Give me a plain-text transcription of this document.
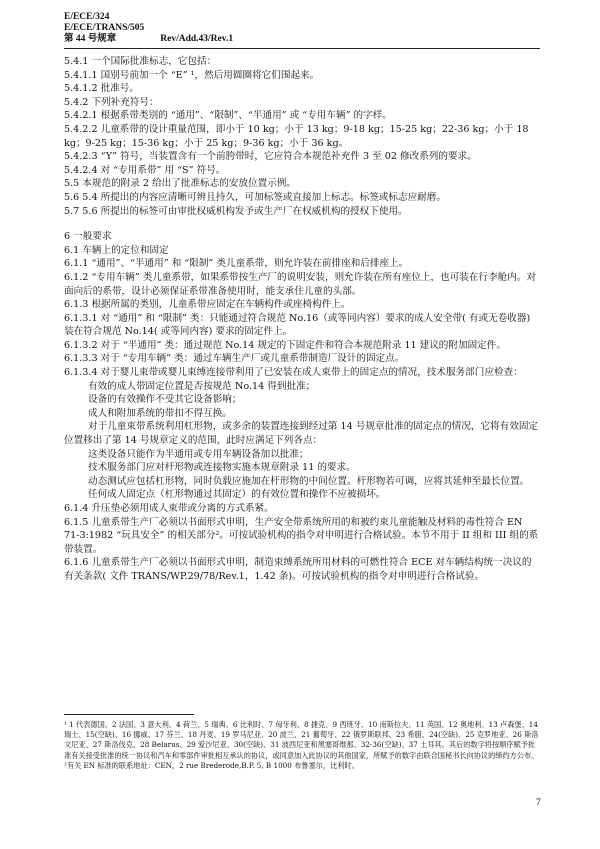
E/ECE/324
E/ECE/TRANS/505
第 44 号规章	Rev/Add.43/Rev.1

5.4.1 一个国际批准标志，它包括：

5.4.1.1 国别号前加一个 “E” ¹，然后用圆圈将它们围起来。

5.4.1.2 批准号。

5.4.2 下列补充符号：

5.4.2.1 根据系带类别的 “通用”、“限制”、“半通用” 或 “专用车辆” 的字样。

5.4.2.2 儿童系带的设计重量范围，即小于 10 kg；小于 13 kg；9-18 kg；15-25 kg；22-36 kg；小于 18 kg；9-25 kg；15-36 kg；小于 25 kg；9-36 kg；小于 36 kg。

5.4.2.3 “Y” 符号，当装置含有一个前胯带时，它应符合本规范补充件 3 至 02 修改系列的要求。

5.4.2.4 对 “专用系带” 用 “S” 符号。

5.5 本规范的附录 2 给出了批准标志的安放位置示例。

5.6 5.4 所提出的内容应清晰可辨且持久，可加标签或直接加上标志。标签或标志应耐磨。

5.7 5.6 所提出的标签可由审批权威机构发予或生产厂在权威机构的授权下使用。

6 一般要求

6.1 车辆上的定位和固定

6.1.1 “通用”、“半通用” 和 “限制” 类儿童系带，则允许装在前排座和后排座上。

6.1.2 “专用车辆” 类儿童系带，如果系带按生产厂的说明安装，则允许装在所有座位上，也可装在行李舱内。对面向后的系带，设计必须保证系带准备使用时，能支承住儿童的头部。

6.1.3 根据所属的类别，儿童系带应固定在车辆构件或座椅构件上。

6.1.3.1 对 “通用” 和 “限制” 类：只能通过符合规范 No.16（或等同内容）要求的成人安全带( 有或无卷收器) 装在符合规范 No.14( 或等同内容) 要求的固定件上。

6.1.3.2 对于 “半通用” 类：通过规范 No.14 规定的下固定件和符合本规范附录 11 建议的附加固定件。

6.1.3.3 对于 “专用车辆” 类：通过车辆生产厂或儿童系带制造厂设计的固定点。

6.1.3.4 对于婴儿束带或婴儿束缚连接带利用了已安装在成人束带上的固定点的情况，技术服务部门应检查：

有效的成人带固定位置是否按规范 No.14 得到批准；

设备的有效操作不受其它设备影响；

成人和附加系统的带扣不得互换。

对于儿童束带系统利用杠形物，或多余的装置连接到经过第 14 号规章批准的固定点的情况，它将有效固定位置移出了第 14 号规章定义的范围，此时应满足下列各点：

这类设备只能作为半通用或专用车辆设备加以批准；

技术服务部门应对杆形物或连接物实施本规章附录 11 的要求。

动态测试应包括杠形物，同时负载应施加在杆形物的中间位置。杆形物若可调，应将其延伸至最长位置。

任何成人固定点（杠形物通过其固定）的有效位置和操作不应被损坏。

6.1.4 升压垫必须用成人束带或分离的方式系紧。

6.1.5 儿童系带生产厂必须以书面形式申明，生产安全带系统所用的和被约束儿童能触及材料的毒性符合 EN 71-3:1982 “玩具安全” 的相关部分²。可按试验机构的指令对申明进行合格试验。本节不用于 II 组和 III 组的系带装置。

6.1.6 儿童系带生产厂必须以书面形式申明，制造束缚系统所用材料的可燃性符合 ECE 对车辆结构统一决议的有关条款( 文件 TRANS/WP.29/78/Rev.1，1.42 条)。可按试验机构的指令对申明进行合格试验。

¹ 1 代表德国、2 法国、3 意大利、4 荷兰、5 瑞典、6 比利时、7 匈牙利、8 捷克、9 西班牙、10 南斯拉夫、11 英国、12 奥地利、13 卢森堡、14 瑞士、15(空缺)、16 挪威、17 芬兰、18 丹麦、19 罗马尼亚、20 波兰、21 葡萄牙、22 俄罗斯联邦、23 希腊、24(空缺)、25 克罗地亚、26 斯洛文尼亚、27 斯洛伐克、28 Belarus、29 爱沙尼亚、30(空缺)、31 波西尼亚和黑塞哥维那、32-36(空缺)、37 土耳其。其后的数字将按顺序赋予批准有关接受批准的统一协议和汽车和零部件审批相互承认的协议，或同意加入此协议的其他国家，所赋予的数字由联合国秘书长向协议的缔约方公布。

²有关 EN 标准的联系地址：CEN，2 rue Brederode,B.P. 5, B 1000 布鲁塞尔，比利时。

7
